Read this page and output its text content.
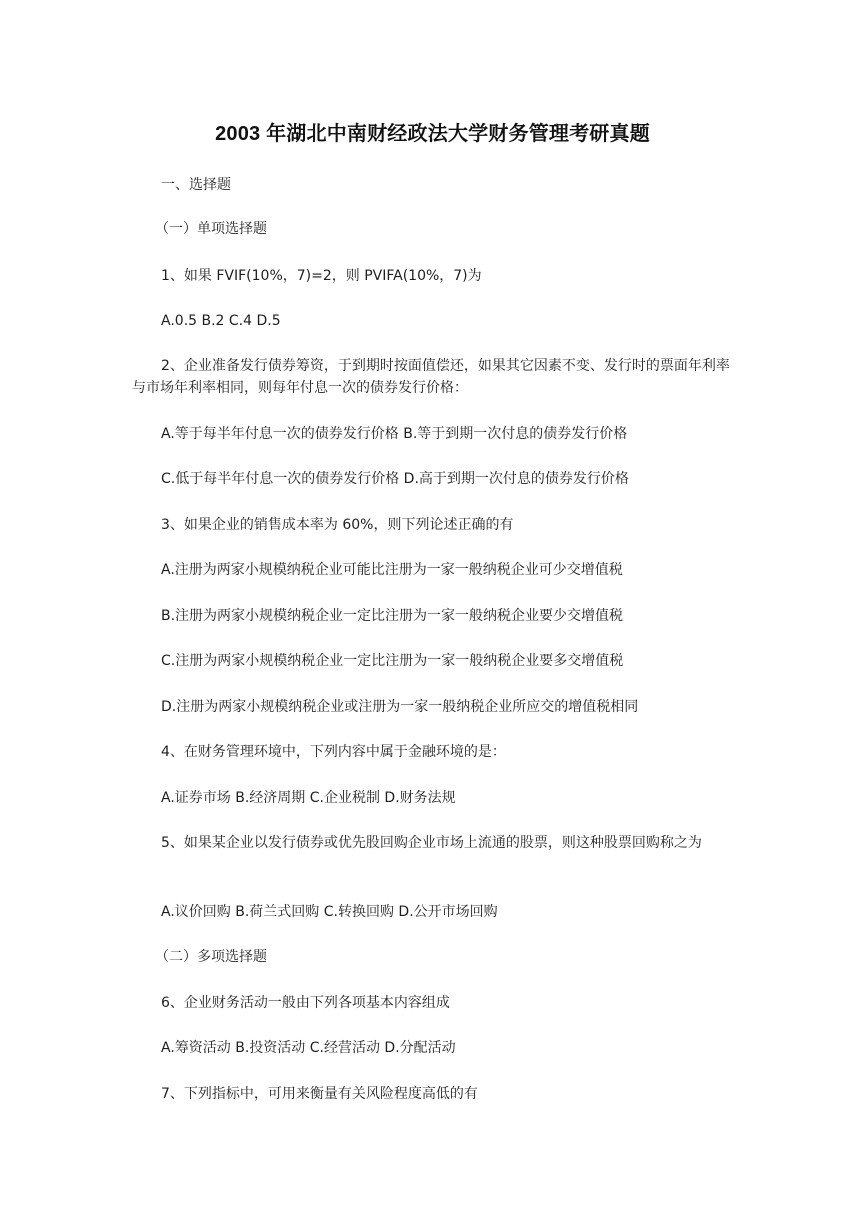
2003 年湖北中南财经政法大学财务管理考研真题

一、选择题

（一）单项选择题

1、如果 FVIF(10%，7)=2，则 PVIFA(10%，7)为

A.0.5 B.2 C.4 D.5

2、企业准备发行债券筹资，于到期时按面值偿还，如果其它因素不变、发行时的票面年利率与市场年利率相同，则每年付息一次的债券发行价格：

A.等于每半年付息一次的债券发行价格 B.等于到期一次付息的债券发行价格

C.低于每半年付息一次的债券发行价格 D.高于到期一次付息的债券发行价格

3、如果企业的销售成本率为 60%，则下列论述正确的有

A.注册为两家小规模纳税企业可能比注册为一家一般纳税企业可少交增值税

B.注册为两家小规模纳税企业一定比注册为一家一般纳税企业要少交增值税

C.注册为两家小规模纳税企业一定比注册为一家一般纳税企业要多交增值税

D.注册为两家小规模纳税企业或注册为一家一般纳税企业所应交的增值税相同

4、在财务管理环境中，下列内容中属于金融环境的是：

A.证券市场 B.经济周期 C.企业税制 D.财务法规

5、如果某企业以发行债券或优先股回购企业市场上流通的股票，则这种股票回购称之为

A.议价回购 B.荷兰式回购 C.转换回购 D.公开市场回购

（二）多项选择题

6、企业财务活动一般由下列各项基本内容组成

A.筹资活动 B.投资活动 C.经营活动 D.分配活动

7、下列指标中，可用来衡量有关风险程度高低的有
